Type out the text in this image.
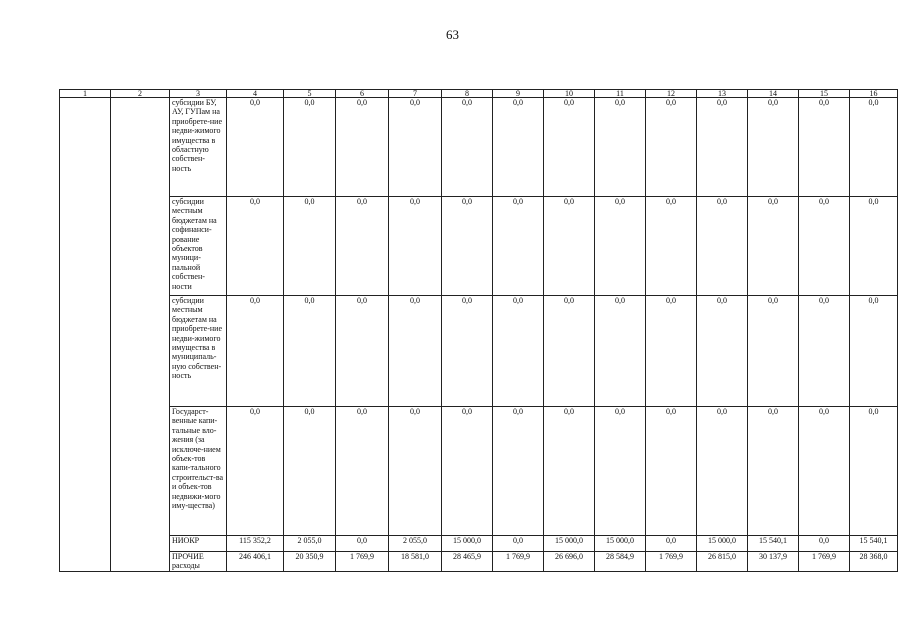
63
1	2	3	4	5	6	7	8	9	10	11	12	13	14	15	16
		субсидии БУ, АУ, ГУПам на приобрете-ние недви-жимого имущества в областную собствен-ность	0,0	0,0	0,0	0,0	0,0	0,0	0,0	0,0	0,0	0,0	0,0	0,0	0,0
		субсидии местным бюджетам на софинанси-рование объектов муници-пальной собствен-ности	0,0	0,0	0,0	0,0	0,0	0,0	0,0	0,0	0,0	0,0	0,0	0,0	0,0
		субсидии местным бюджетам на приобрете-ние недви-жимого имущества в муниципаль-ную собствен-ность	0,0	0,0	0,0	0,0	0,0	0,0	0,0	0,0	0,0	0,0	0,0	0,0	0,0
		Государст-венные капи-тальные вло-жения (за исключе-нием объек-тов капи-тального строительст-ва и объек-тов недвижи-мого иму-щества)	0,0	0,0	0,0	0,0	0,0	0,0	0,0	0,0	0,0	0,0	0,0	0,0	0,0
		НИОКР	115 352,2	2 055,0	0,0	2 055,0	15 000,0	0,0	15 000,0	15 000,0	0,0	15 000,0	15 540,1	0,0	15 540,1
		ПРОЧИЕ расходы	246 406,1	20 350,9	1 769,9	18 581,0	28 465,9	1 769,9	26 696,0	28 584,9	1 769,9	26 815,0	30 137,9	1 769,9	28 368,0
